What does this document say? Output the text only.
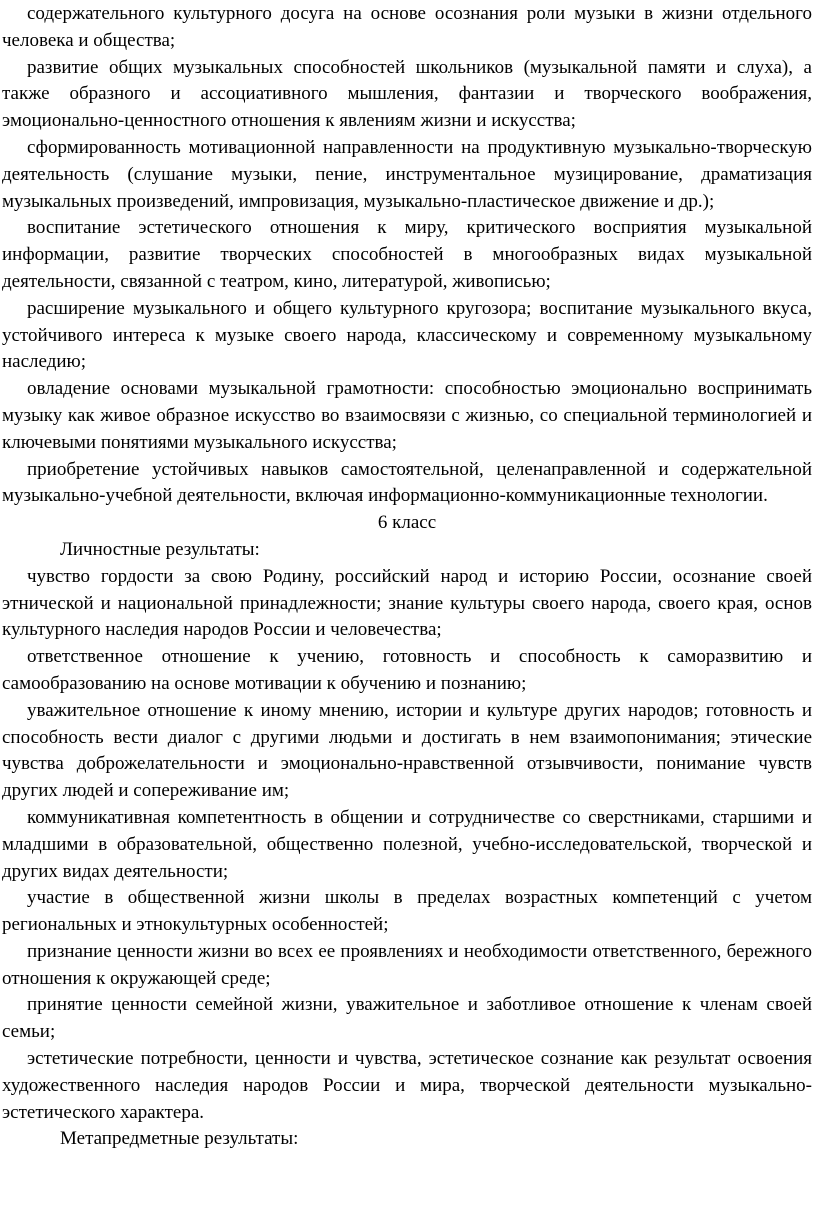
содержательного культурного досуга на основе осознания роли музыки в жизни отдельного человека и общества;

развитие общих музыкальных способностей школьников (музыкальной памяти и слуха), а также образного и ассоциативного мышления, фантазии и творческого воображения, эмоционально-ценностного отношения к явлениям жизни и искусства;

сформированность мотивационной направленности на продуктивную музыкально-творческую деятельность (слушание музыки, пение, инструментальное музицирование, драматизация музыкальных произведений, импровизация, музыкально-пластическое движение и др.);

воспитание эстетического отношения к миру, критического восприятия музыкальной информации, развитие творческих способностей в многообразных видах музыкальной деятельности, связанной с театром, кино, литературой, живописью;

расширение музыкального и общего культурного кругозора; воспитание музыкального вкуса, устойчивого интереса к музыке своего народа, классическому и современному музыкальному наследию;

овладение основами музыкальной грамотности: способностью эмоционально воспринимать музыку как живое образное искусство во взаимосвязи с жизнью, со специальной терминологией и ключевыми понятиями музыкального искусства;

приобретение устойчивых навыков самостоятельной, целенаправленной и содержательной музыкально-учебной деятельности, включая информационно-коммуникационные технологии.

6 класс

Личностные результаты:

чувство гордости за свою Родину, российский народ и историю России, осознание своей этнической и национальной принадлежности; знание культуры своего народа, своего края, основ культурного наследия народов России и человечества;

ответственное отношение к учению, готовность и способность к саморазвитию и самообразованию на основе мотивации к обучению и познанию;

уважительное отношение к иному мнению, истории и культуре других народов; готовность и способность вести диалог с другими людьми и достигать в нем взаимопонимания; этические чувства доброжелательности и эмоционально-нравственной отзывчивости, понимание чувств других людей и сопереживание им;

коммуникативная компетентность в общении и сотрудничестве со сверстниками, старшими и младшими в образовательной, общественно полезной, учебно-исследовательской, творческой и других видах деятельности;

участие в общественной жизни школы в пределах возрастных компетенций с учетом региональных и этнокультурных особенностей;

признание ценности жизни во всех ее проявлениях и необходимости ответственного, бережного отношения к окружающей среде;

принятие ценности семейной жизни, уважительное и заботливое отношение к членам своей семьи;

эстетические потребности, ценности и чувства, эстетическое сознание как результат освоения художественного наследия народов России и мира, творческой деятельности музыкально-эстетического характера.

Метапредметные результаты:
